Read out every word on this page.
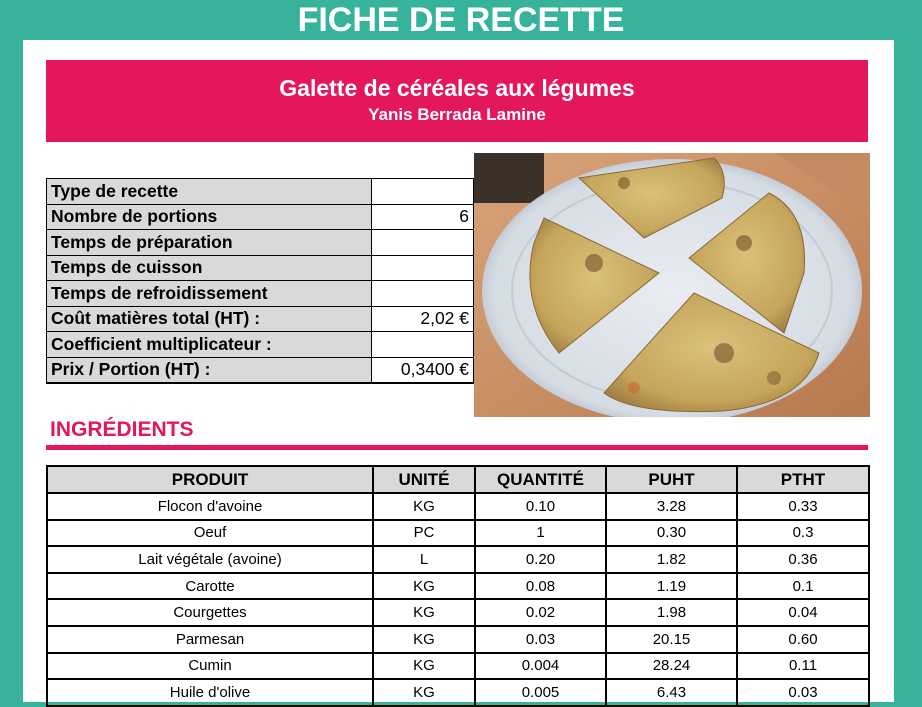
FICHE DE RECETTE
Galette de céréales aux légumes
Yanis Berrada Lamine
Type de recette	
Nombre de portions	6
Temps de préparation	
Temps de cuisson	
Temps de refroidissement	
Coût matières total (HT) :	2,02 €
Coefficient multiplicateur :	
Prix / Portion (HT) :	0,3400 €
INGRÉDIENTS
PRODUIT	UNITÉ	QUANTITÉ	PUHT	PTHT
Flocon d'avoine	KG	0.10	3.28	0.33
Oeuf	PC	1	0.30	0.3
Lait végétale (avoine)	L	0.20	1.82	0.36
Carotte	KG	0.08	1.19	0.1
Courgettes	KG	0.02	1.98	0.04
Parmesan	KG	0.03	20.15	0.60
Cumin	KG	0.004	28.24	0.11
Huile d'olive	KG	0.005	6.43	0.03
